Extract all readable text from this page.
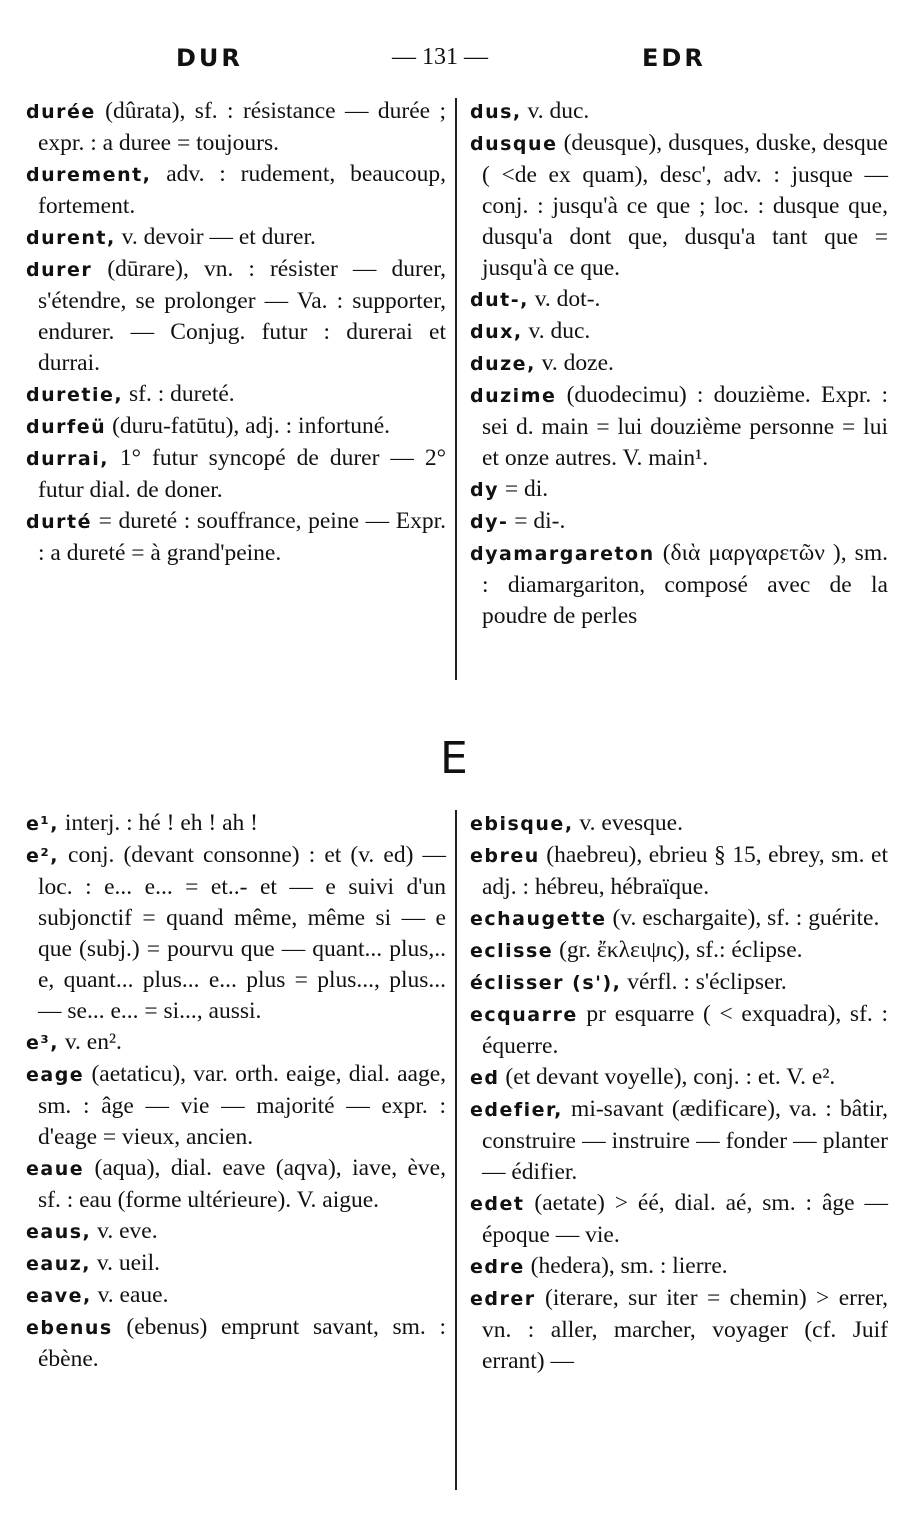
DUR	— 131 —	EDR

durée (dûrata), sf. : résistance — durée ; expr. : a duree = toujours.

durement, adv. : rudement, beaucoup, fortement.

durent, v. devoir — et durer.

durer (dūrare), vn. : résister — durer, s'étendre, se prolonger — Va. : supporter, endurer. — Conjug. futur : durerai et durrai.

duretie, sf. : dureté.

durfeü (duru-fatūtu), adj. : infortuné.

durrai, 1° futur syncopé de durer — 2° futur dial. de doner.

durté = dureté : souffrance, peine — Expr. : a dureté = à grand'peine.

dus, v. duc.

dusque (deusque), dusques, duske, desque ( <de ex quam), desc', adv. : jusque — conj. : jusqu'à ce que ; loc. : dusque que, dusqu'a dont que, dusqu'a tant que = jusqu'à ce que.

dut-, v. dot-.

dux, v. duc.

duze, v. doze.

duzime (duodecimu) : douzième. Expr. : sei d. main = lui douzième personne = lui et onze autres. V. main¹.

dy = di.

dy- = di-.

dyamargareton (διὰ μαργαρετῶν ), sm. : diamargariton, composé avec de la poudre de perles

E

e¹, interj. : hé ! eh ! ah !

e², conj. (devant consonne) : et (v. ed) — loc. : e... e... = et..- et — e suivi d'un subjonctif = quand même, même si — e que (subj.) = pourvu que — quant... plus,.. e, quant... plus... e... plus = plus..., plus... — se... e... = si..., aussi.

e³, v. en².

eage (aetaticu), var. orth. eaige, dial. aage, sm. : âge — vie — majorité — expr. : d'eage = vieux, ancien.

eaue (aqua), dial. eave (aqva), iave, ève, sf. : eau (forme ultérieure). V. aigue.

eaus, v. eve.

eauz, v. ueil.

eave, v. eaue.

ebenus (ebenus) emprunt savant, sm. : ébène.

ebisque, v. evesque.

ebreu (haebreu), ebrieu § 15, ebrey, sm. et adj. : hébreu, hébraïque.

echaugette (v. eschargaite), sf. : guérite.

eclisse (gr. ἔκλειψις), sf.: éclipse.

éclisser (s'), vérfl. : s'éclipser.

ecquarre pr esquarre ( < exquadra), sf. : équerre.

ed (et devant voyelle), conj. : et. V. e².

edefier, mi-savant (ædificare), va. : bâtir, construire — instruire — fonder — planter — édifier.

edet (aetate) > éé, dial. aé, sm. : âge — époque — vie.

edre (hedera), sm. : lierre.

edrer (iterare, sur iter = chemin) > errer, vn. : aller, marcher, voyager (cf. Juif errant) —
